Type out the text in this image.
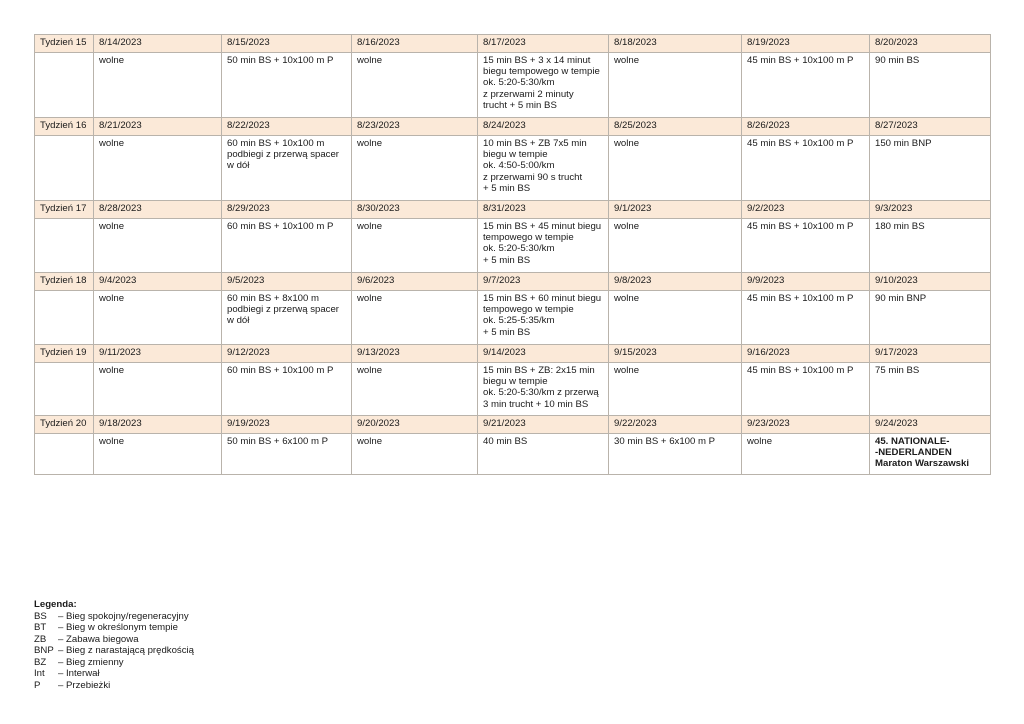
Tydzień 15	8/14/2023	8/15/2023	8/16/2023	8/17/2023	8/18/2023	8/19/2023	8/20/2023
	wolne	50 min BS + 10x100 m P	wolne	15 min BS + 3 x 14 minut
biegu tempowego w tempie
ok. 5:20-5:30/km
z przerwami 2 minuty
trucht + 5 min BS	wolne	45 min BS + 10x100 m P	90 min BS
Tydzień 16	8/21/2023	8/22/2023	8/23/2023	8/24/2023	8/25/2023	8/26/2023	8/27/2023
	wolne	60 min BS + 10x100 m
podbiegi z przerwą spacer
w dół	wolne	10 min BS + ZB 7x5 min
biegu w tempie
ok. 4:50-5:00/km
z przerwami 90 s trucht
+ 5 min BS	wolne	45 min BS + 10x100 m P	150 min BNP
Tydzień 17	8/28/2023	8/29/2023	8/30/2023	8/31/2023	9/1/2023	9/2/2023	9/3/2023
	wolne	60 min BS + 10x100 m P	wolne	15 min BS + 45 minut biegu
tempowego w tempie
ok. 5:20-5:30/km
+ 5 min BS	wolne	45 min BS + 10x100 m P	180 min BS
Tydzień 18	9/4/2023	9/5/2023	9/6/2023	9/7/2023	9/8/2023	9/9/2023	9/10/2023
	wolne	60 min BS + 8x100 m
podbiegi z przerwą spacer
w dół	wolne	15 min BS + 60 minut biegu
tempowego w tempie
ok. 5:25-5:35/km
+ 5 min BS	wolne	45 min BS + 10x100 m P	90 min BNP
Tydzień 19	9/11/2023	9/12/2023	9/13/2023	9/14/2023	9/15/2023	9/16/2023	9/17/2023
	wolne	60 min BS + 10x100 m P	wolne	15 min BS + ZB: 2x15 min
biegu w tempie
ok. 5:20-5:30/km z przerwą
3 min trucht + 10 min BS	wolne	45 min BS + 10x100 m P	75 min BS
Tydzień 20	9/18/2023	9/19/2023	9/20/2023	9/21/2023	9/22/2023	9/23/2023	9/24/2023
	wolne	50 min BS + 6x100 m P	wolne	40 min BS	30 min BS + 6x100 m P	wolne	45. NATIONALE-
-NEDERLANDEN
Maraton Warszawski
Legenda:
BS	– Bieg spokojny/regeneracyjny
BT	– Bieg w określonym tempie
ZB	– Zabawa biegowa
BNP – Bieg z narastającą prędkością
BZ	– Bieg zmienny
Int	– Interwał
P	– Przebieżki
